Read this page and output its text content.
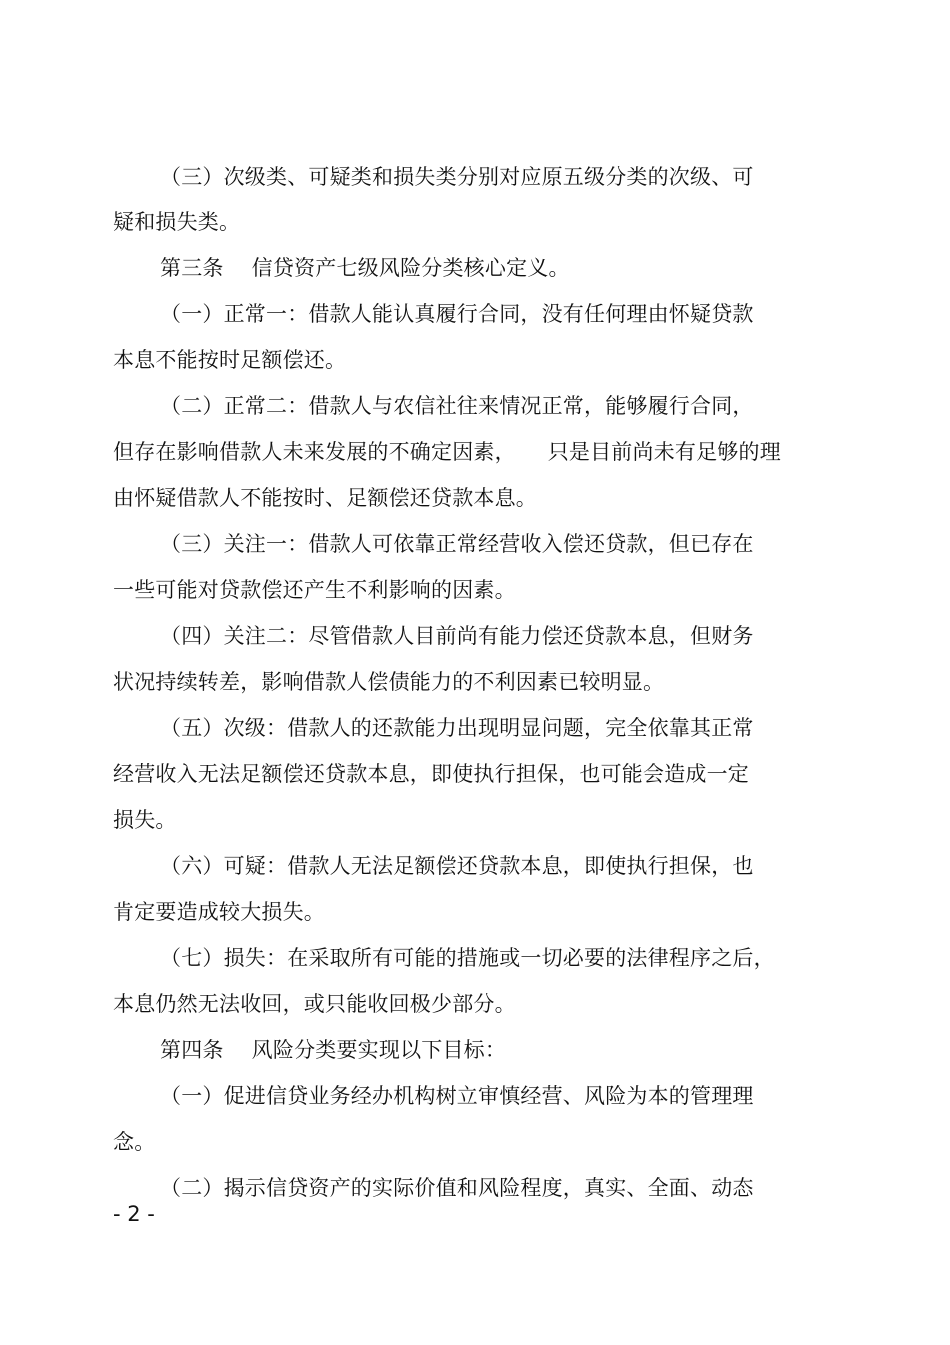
（三）次级类、可疑类和损失类分别对应原五级分类的次级、可
疑和损失类。
第三条　 信贷资产七级风险分类核心定义。
（一）正常一：借款人能认真履行合同，没有任何理由怀疑贷款
本息不能按时足额偿还。
（二）正常二：借款人与农信社往来情况正常，能够履行合同，
但存在影响借款人未来发展的不确定因素，　　只是目前尚未有足够的理
由怀疑借款人不能按时、足额偿还贷款本息。
（三）关注一：借款人可依靠正常经营收入偿还贷款，但已存在
一些可能对贷款偿还产生不利影响的因素。
（四）关注二：尽管借款人目前尚有能力偿还贷款本息，但财务
状况持续转差，影响借款人偿债能力的不利因素已较明显。
（五）次级：借款人的还款能力出现明显问题，完全依靠其正常
经营收入无法足额偿还贷款本息，即使执行担保，也可能会造成一定
损失。
（六）可疑：借款人无法足额偿还贷款本息，即使执行担保，也
肯定要造成较大损失。
（七）损失：在采取所有可能的措施或一切必要的法律程序之后，
本息仍然无法收回，或只能收回极少部分。
第四条　 风险分类要实现以下目标：
（一）促进信贷业务经办机构树立审慎经营、风险为本的管理理
念。
（二）揭示信贷资产的实际价值和风险程度，真实、全面、动态
- 2 -
